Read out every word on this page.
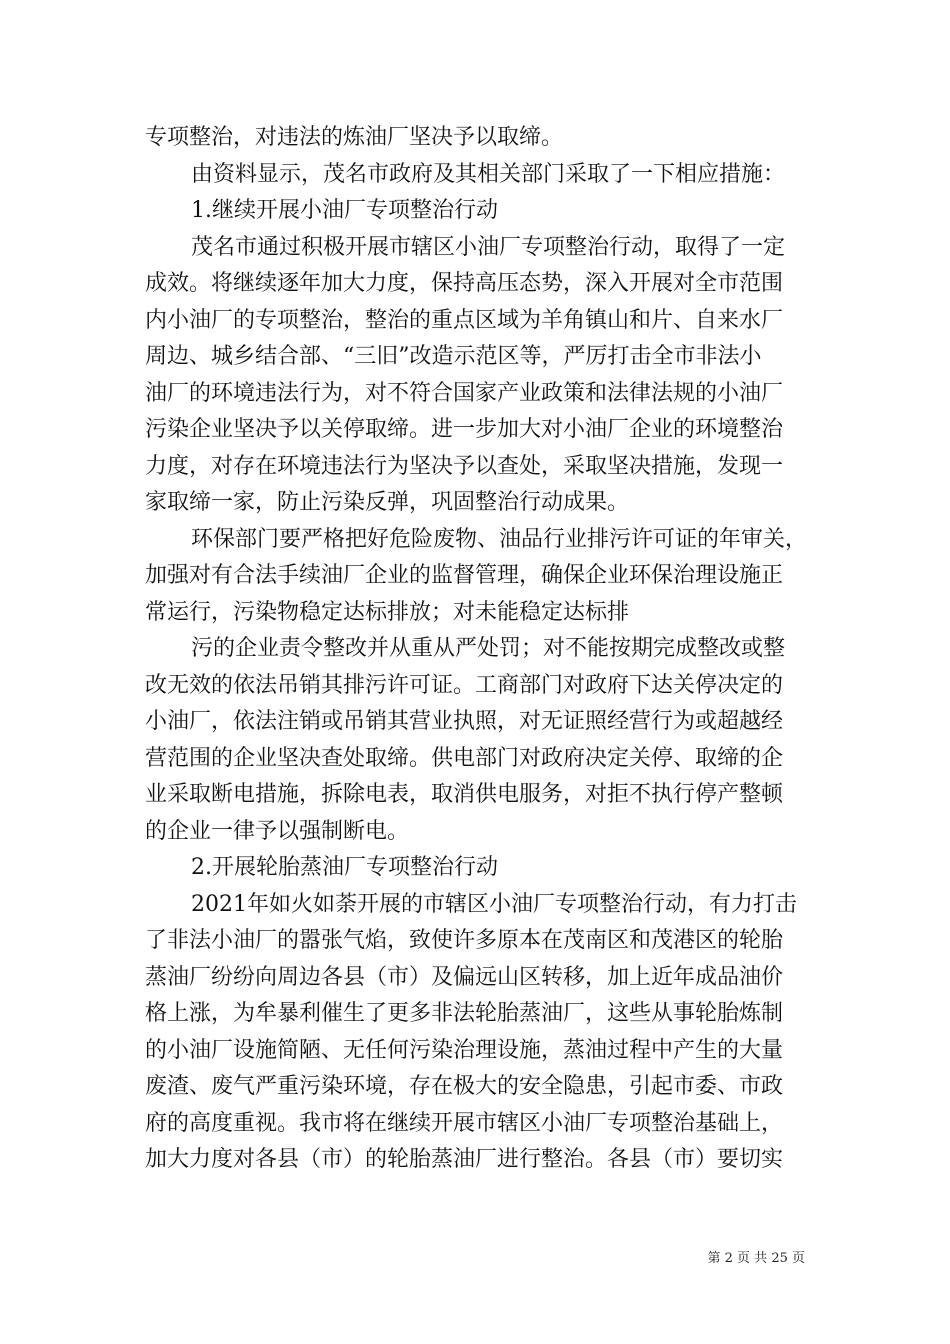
专项整治，对违法的炼油厂坚决予以取缔。
由资料显示，茂名市政府及其相关部门采取了一下相应措施：
1.继续开展小油厂专项整治行动
茂名市通过积极开展市辖区小油厂专项整治行动，取得了一定
成效。将继续逐年加大力度，保持高压态势，深入开展对全市范围
内小油厂的专项整治，整治的重点区域为羊角镇山和片、自来水厂
周边、城乡结合部、“三旧”改造示范区等，严厉打击全市非法小
油厂的环境违法行为，对不符合国家产业政策和法律法规的小油厂
污染企业坚决予以关停取缔。进一步加大对小油厂企业的环境整治
力度，对存在环境违法行为坚决予以查处，采取坚决措施，发现一
家取缔一家，防止污染反弹，巩固整治行动成果。
环保部门要严格把好危险废物、油品行业排污许可证的年审关，
加强对有合法手续油厂企业的监督管理，确保企业环保治理设施正
常运行，污染物稳定达标排放；对未能稳定达标排
污的企业责令整改并从重从严处罚；对不能按期完成整改或整
改无效的依法吊销其排污许可证。工商部门对政府下达关停决定的
小油厂，依法注销或吊销其营业执照，对无证照经营行为或超越经
营范围的企业坚决查处取缔。供电部门对政府决定关停、取缔的企
业采取断电措施，拆除电表，取消供电服务，对拒不执行停产整顿
的企业一律予以强制断电。
2.开展轮胎蒸油厂专项整治行动
2021年如火如荼开展的市辖区小油厂专项整治行动，有力打击
了非法小油厂的嚣张气焰，致使许多原本在茂南区和茂港区的轮胎
蒸油厂纷纷向周边各县（市）及偏远山区转移，加上近年成品油价
格上涨，为牟暴利催生了更多非法轮胎蒸油厂，这些从事轮胎炼制
的小油厂设施简陋、无任何污染治理设施，蒸油过程中产生的大量
废渣、废气严重污染环境，存在极大的安全隐患，引起市委、市政
府的高度重视。我市将在继续开展市辖区小油厂专项整治基础上，
加大力度对各县（市）的轮胎蒸油厂进行整治。各县（市）要切实
第 2 页 共 25 页
